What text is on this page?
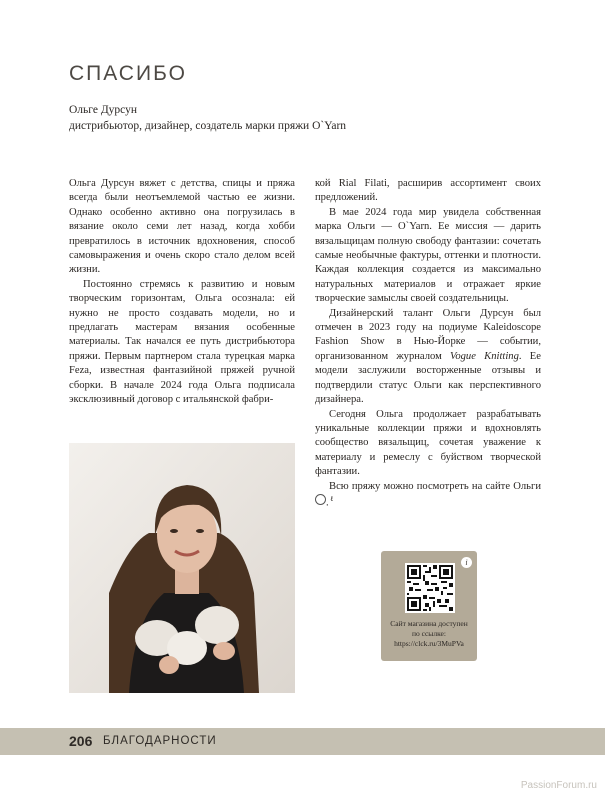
СПАСИБО
Ольге Дурсун
дистрибьютор, дизайнер, создатель марки пряжи O`Yarn

Ольга Дурсун вяжет с детства, спицы и пряжа всегда были неотъемлемой частью ее жизни. Однако особенно активно она погрузилась в вязание около семи лет назад, когда хобби превратилось в источник вдохновения, способ самовыражения и очень скоро стало делом всей жизни.

Постоянно стремясь к развитию и новым творческим горизонтам, Ольга осознала: ей нужно не просто создавать модели, но и предлагать мастерам вязания особенные материалы. Так начался ее путь дистрибьютора пряжи. Первым партнером стала турецкая марка Feza, известная фантазийной пряжей ручной сборки. В начале 2024 года Ольга подписала эксклюзивный договор с итальянской фабри-

кой Rial Filati, расширив ассортимент своих предложений.

В мае 2024 года мир увидела собственная марка Ольги — O`Yarn. Ее миссия — дарить вязальщицам полную свободу фантазии: сочетать самые необычные фактуры, оттенки и плотности. Каждая коллекция создается из максимально натуральных материалов и отражает яркие творческие замыслы своей создательницы.

Дизайнерский талант Ольги Дурсун был отмечен в 2023 году на подиуме Kaleidoscope Fashion Show в Нью-Йорке — событии, организованном журналом Vogue Knitting. Ее модели заслужили восторженные отзывы и подтвердили статус Ольги как перспективного дизайнера.

Сегодня Ольга продолжает разрабатывать уникальные коллекции пряжи и вдохновлять сообщество вязальщиц, сочетая уважение к материалу и ремеслу с буйством творческой фантазии.

Всю пряжу можно посмотреть на сайте Ольги $^\ell$.

i
Сайт магазина доступен
по ссылке:
https://clck.ru/3MuPVa
206 БЛАГОДАРНОСТИ
PassionForum.ru
